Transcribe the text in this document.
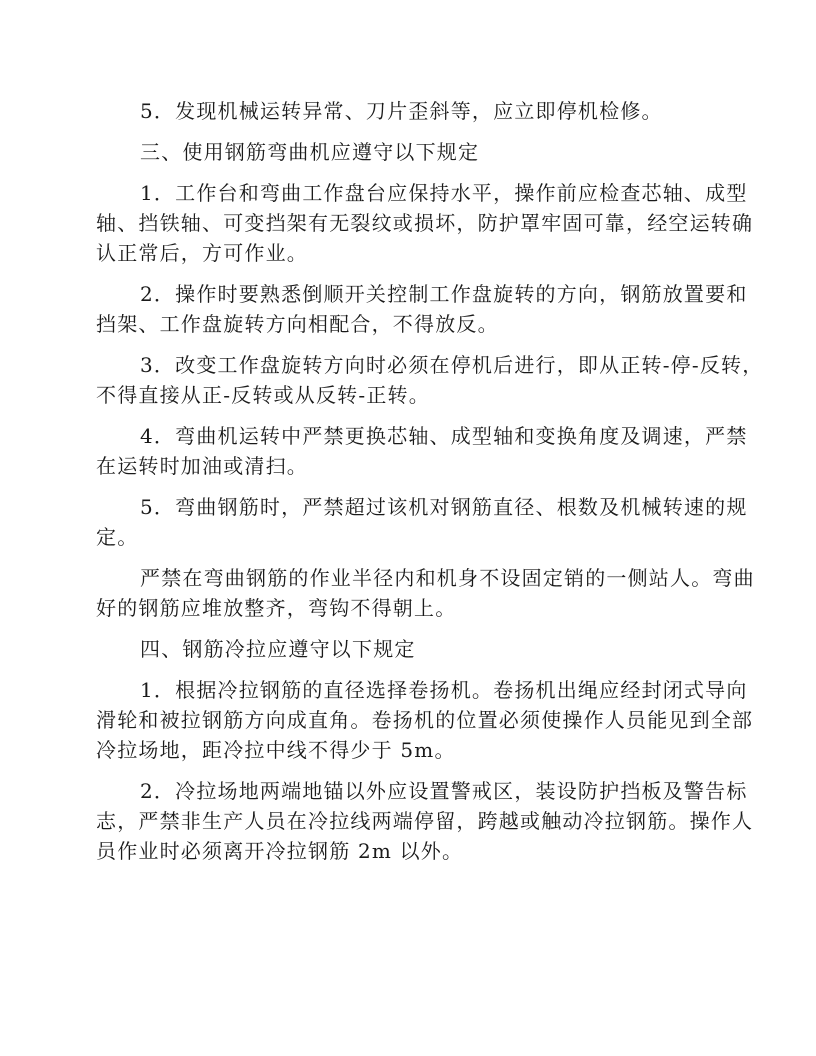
5．发现机械运转异常、刀片歪斜等，应立即停机检修。

三、使用钢筋弯曲机应遵守以下规定

1．工作台和弯曲工作盘台应保持水平，操作前应检查芯轴、成型
轴、挡铁轴、可变挡架有无裂纹或损坏，防护罩牢固可靠，经空运转确
认正常后，方可作业。

2．操作时要熟悉倒顺开关控制工作盘旋转的方向，钢筋放置要和
挡架、工作盘旋转方向相配合，不得放反。

3．改变工作盘旋转方向时必须在停机后进行，即从正转-停-反转，
不得直接从正-反转或从反转-正转。

4．弯曲机运转中严禁更换芯轴、成型轴和变换角度及调速，严禁
在运转时加油或清扫。

5．弯曲钢筋时，严禁超过该机对钢筋直径、根数及机械转速的规
定。

严禁在弯曲钢筋的作业半径内和机身不设固定销的一侧站人。弯曲
好的钢筋应堆放整齐，弯钩不得朝上。

四、钢筋冷拉应遵守以下规定

1．根据冷拉钢筋的直径选择卷扬机。卷扬机出绳应经封闭式导向
滑轮和被拉钢筋方向成直角。卷扬机的位置必须使操作人员能见到全部
冷拉场地，距冷拉中线不得少于 5m。

2．冷拉场地两端地锚以外应设置警戒区，装设防护挡板及警告标
志，严禁非生产人员在冷拉线两端停留，跨越或触动冷拉钢筋。操作人
员作业时必须离开冷拉钢筋 2m 以外。
